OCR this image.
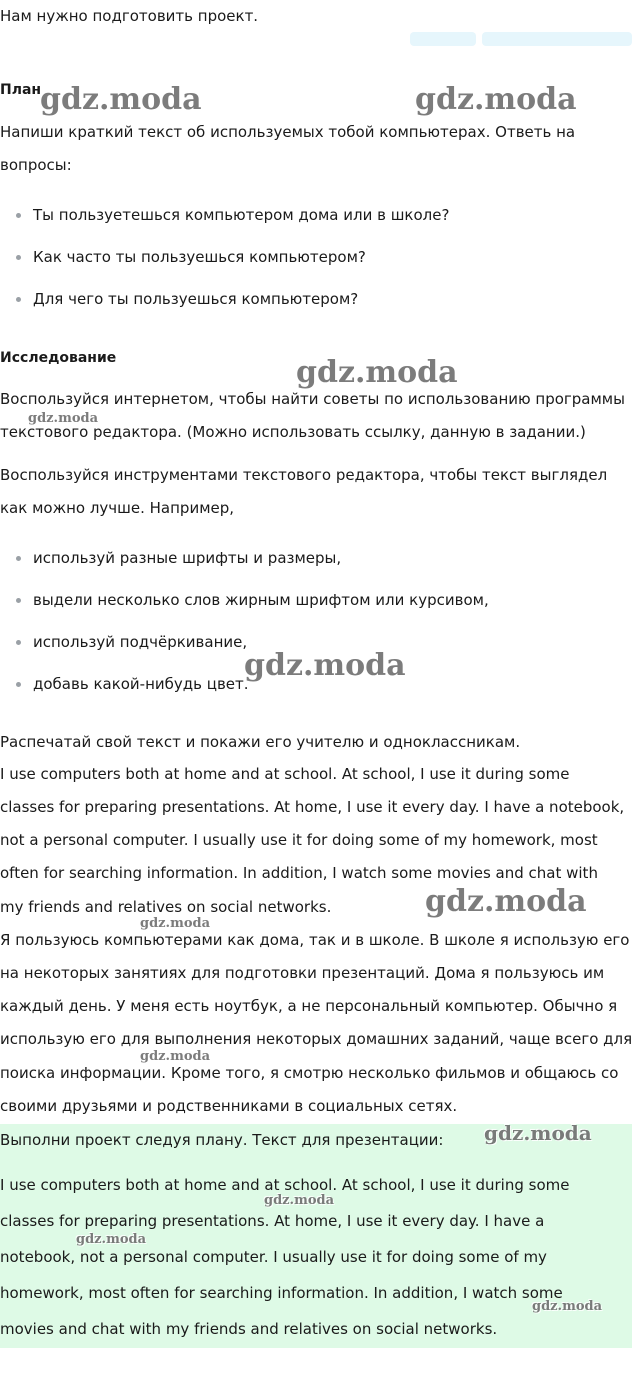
Нам нужно подготовить проект.

План

Напиши краткий текст об используемых тобой компьютерах. Ответь на

вопросы:

Ты пользуетешься компьютером дома или в школе?

Как часто ты пользуешься компьютером?

Для чего ты пользуешься компьютером?

Исследование

Воспользуйся интернетом, чтобы найти советы по использованию программы

текстового редактора. (Можно использовать ссылку, данную в задании.)

Воспользуйся инструментами текстового редактора, чтобы текст выглядел

как можно лучше. Например,

используй разные шрифты и размеры,

выдели несколько слов жирным шрифтом или курсивом,

используй подчёркивание,

добавь какой-нибудь цвет.

Распечатай свой текст и покажи его учителю и одноклассникам.

I use computers both at home and at school. At school, I use it during some

classes for preparing presentations. At home, I use it every day. I have a notebook,

not a personal computer. I usually use it for doing some of my homework, most

often for searching information. In addition, I watch some movies and chat with

my friends and relatives on social networks.

Я пользуюсь компьютерами как дома, так и в школе. В школе я использую его

на некоторых занятиях для подготовки презентаций. Дома я пользуюсь им

каждый день. У меня есть ноутбук, а не персональный компьютер. Обычно я

использую его для выполнения некоторых домашних заданий, чаще всего для

поиска информации. Кроме того, я смотрю несколько фильмов и общаюсь со

своими друзьями и родственниками в социальных сетях.

Выполни проект следуя плану. Текст для презентации:

I use computers both at home and at school. At school, I use it during some

classes for preparing presentations. At home, I use it every day. I have a

notebook, not a personal computer. I usually use it for doing some of my

homework, most often for searching information. In addition, I watch some

movies and chat with my friends and relatives on social networks.

gdz.moda	gdz.moda
gdz.moda
gdz.moda
gdz.moda
gdz.moda
gdz.moda
gdz.moda
gdz.moda
gdz.moda
gdz.moda
gdz.moda
